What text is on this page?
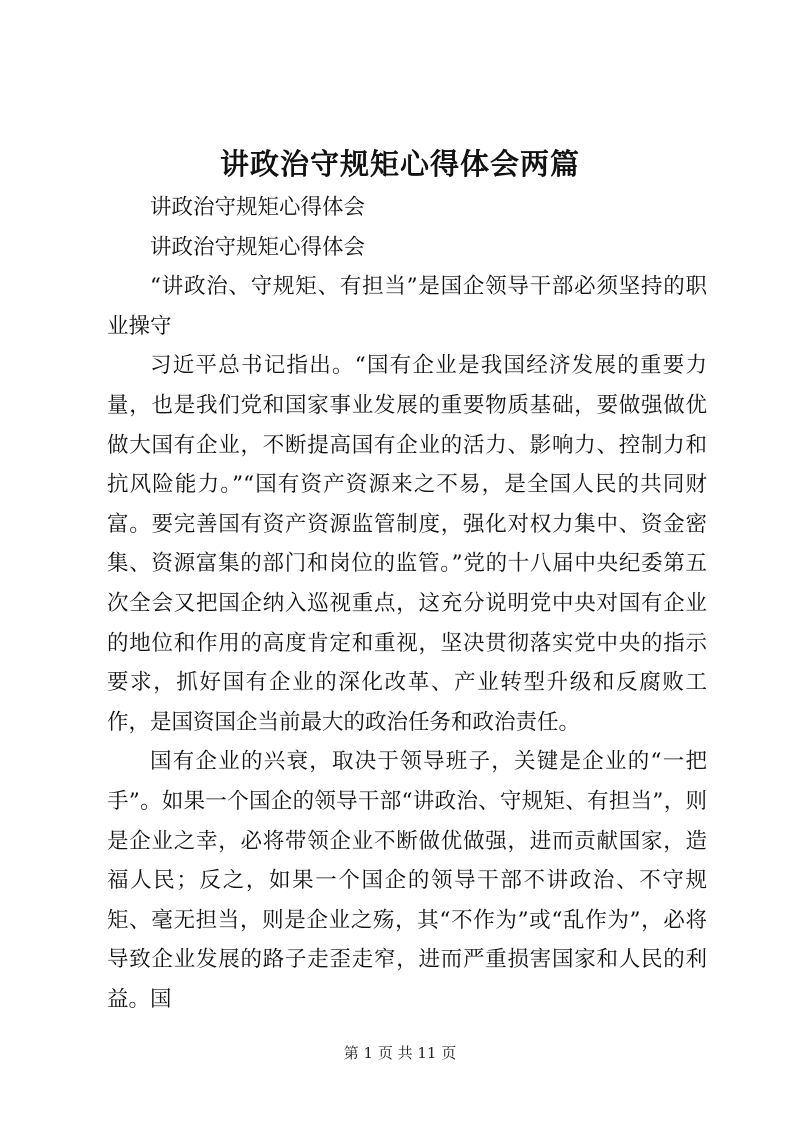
讲政治守规矩心得体会两篇

讲政治守规矩心得体会

讲政治守规矩心得体会

“讲政治、守规矩、有担当”是国企领导干部必须坚持的职业操守

习近平总书记指出。“国有企业是我国经济发展的重要力量，也是我们党和国家事业发展的重要物质基础，要做强做优做大国有企业，不断提高国有企业的活力、影响力、控制力和抗风险能力。”“国有资产资源来之不易，是全国人民的共同财富。要完善国有资产资源监管制度，强化对权力集中、资金密集、资源富集的部门和岗位的监管。”党的十八届中央纪委第五次全会又把国企纳入巡视重点，这充分说明党中央对国有企业的地位和作用的高度肯定和重视，坚决贯彻落实党中央的指示要求，抓好国有企业的深化改革、产业转型升级和反腐败工作，是国资国企当前最大的政治任务和政治责任。

国有企业的兴衰，取决于领导班子，关键是企业的“一把手”。如果一个国企的领导干部“讲政治、守规矩、有担当”，则是企业之幸，必将带领企业不断做优做强，进而贡献国家，造福人民；反之，如果一个国企的领导干部不讲政治、不守规矩、毫无担当，则是企业之殇，其“不作为”或“乱作为”，必将导致企业发展的路子走歪走窄，进而严重损害国家和人民的利益。国

第 1 页 共 11 页
